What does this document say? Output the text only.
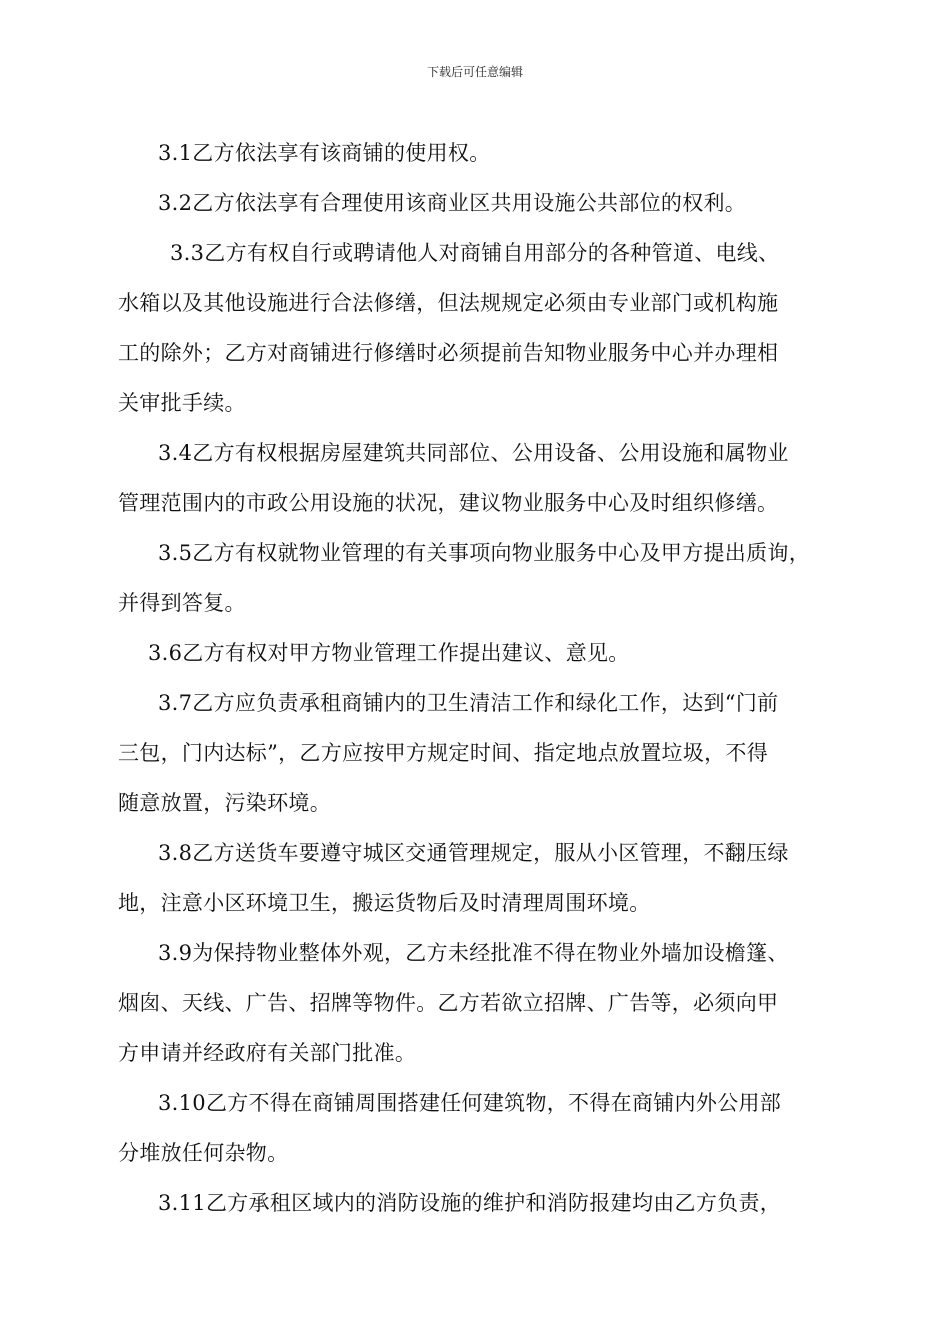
下载后可任意编辑
3.1乙方依法享有该商铺的使用权。
3.2乙方依法享有合理使用该商业区共用设施公共部位的权利。
3.3乙方有权自行或聘请他人对商铺自用部分的各种管道、电线、
水箱以及其他设施进行合法修缮，但法规规定必须由专业部门或机构施
工的除外；乙方对商铺进行修缮时必须提前告知物业服务中心并办理相
关审批手续。
3.4乙方有权根据房屋建筑共同部位、公用设备、公用设施和属物业
管理范围内的市政公用设施的状况，建议物业服务中心及时组织修缮。
3.5乙方有权就物业管理的有关事项向物业服务中心及甲方提出质询，
并得到答复。
3.6乙方有权对甲方物业管理工作提出建议、意见。
3.7乙方应负责承租商铺内的卫生清洁工作和绿化工作，达到“门前
三包，门内达标”，乙方应按甲方规定时间、指定地点放置垃圾，不得
随意放置，污染环境。
3.8乙方送货车要遵守城区交通管理规定，服从小区管理，不翻压绿
地，注意小区环境卫生，搬运货物后及时清理周围环境。
3.9为保持物业整体外观，乙方未经批准不得在物业外墙加设檐篷、
烟囱、天线、广告、招牌等物件。乙方若欲立招牌、广告等，必须向甲
方申请并经政府有关部门批准。
3.10乙方不得在商铺周围搭建任何建筑物，不得在商铺内外公用部
分堆放任何杂物。
3.11乙方承租区域内的消防设施的维护和消防报建均由乙方负责，
